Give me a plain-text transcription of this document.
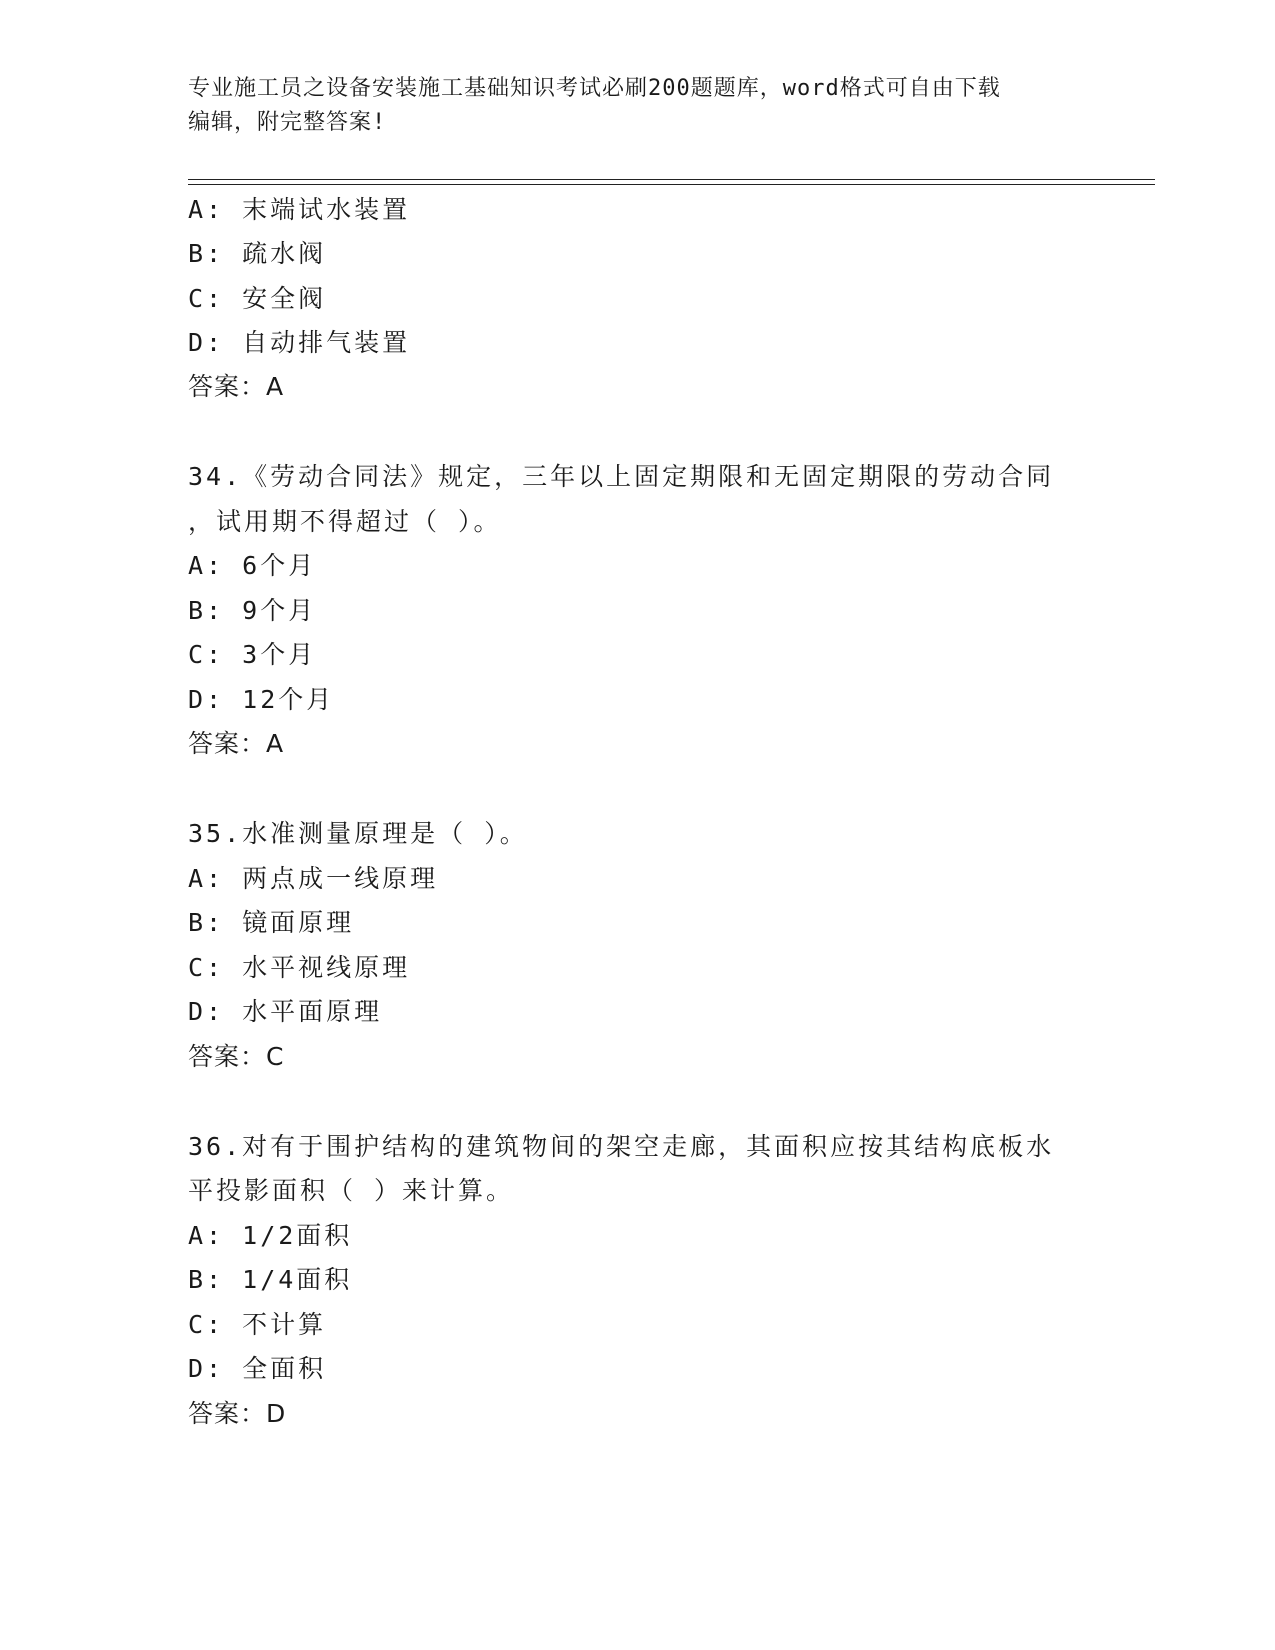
专业施工员之设备安装施工基础知识考试必刷200题题库，word格式可自由下载
编辑，附完整答案!
A: 末端试水装置
B: 疏水阀
C: 安全阀
D: 自动排气装置
答案：A
34.《劳动合同法》规定，三年以上固定期限和无固定期限的劳动合同
，试用期不得超过（ ）。
A: 6个月
B: 9个月
C: 3个月
D: 12个月
答案：A
35.水准测量原理是（ ）。
A: 两点成一线原理
B: 镜面原理
C: 水平视线原理
D: 水平面原理
答案：C
36.对有于围护结构的建筑物间的架空走廊，其面积应按其结构底板水
平投影面积（ ）来计算。
A: 1/2面积
B: 1/4面积
C: 不计算
D: 全面积
答案：D
